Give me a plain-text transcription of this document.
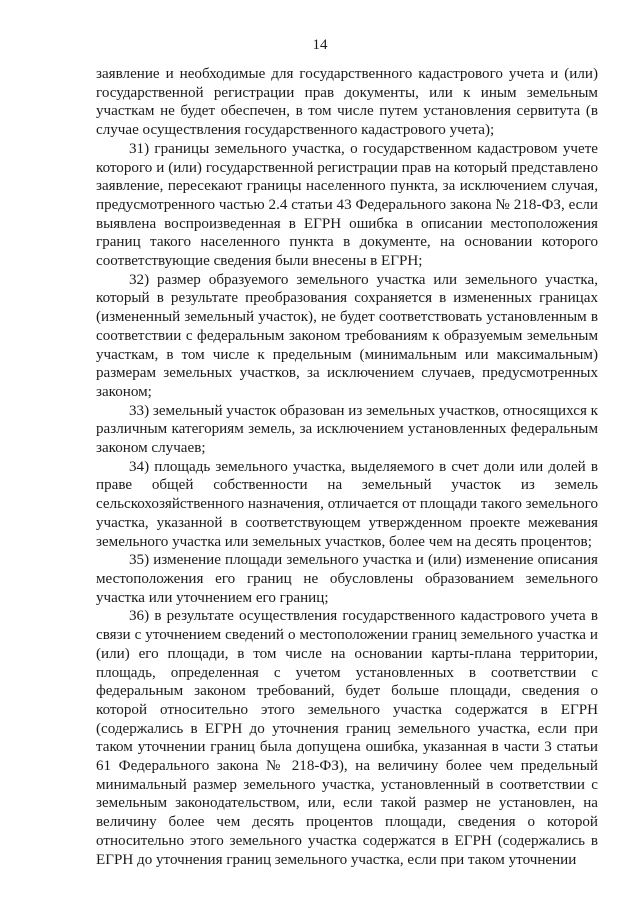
14

заявление и необходимые для государственного кадастрового учета и (или) государственной регистрации прав документы, или к иным земельным участкам не будет обеспечен, в том числе путем установления сервитута (в случае осуществления государственного кадастрового учета);

31) границы земельного участка, о государственном кадастровом учете которого и (или) государственной регистрации прав на который представлено заявление, пересекают границы населенного пункта, за исключением случая, предусмотренного частью 2.4 статьи 43 Федерального закона № 218-ФЗ, если выявлена воспроизведенная в ЕГРН ошибка в описании местоположения границ такого населенного пункта в документе, на основании которого соответствующие сведения были внесены в ЕГРН;

32) размер образуемого земельного участка или земельного участка, который в результате преобразования сохраняется в измененных границах (измененный земельный участок), не будет соответствовать установленным в соответствии с федеральным законом требованиям к образуемым земельным участкам, в том числе к предельным (минимальным или максимальным) размерам земельных участков, за исключением случаев, предусмотренных законом;

33) земельный участок образован из земельных участков, относящихся к различным категориям земель, за исключением установленных федеральным законом случаев;

34) площадь земельного участка, выделяемого в счет доли или долей в праве общей собственности на земельный участок из земель сельскохозяйственного назначения, отличается от площади такого земельного участка, указанной в соответствующем утвержденном проекте межевания земельного участка или земельных участков, более чем на десять процентов;

35) изменение площади земельного участка и (или) изменение описания местоположения его границ не обусловлены образованием земельного участка или уточнением его границ;

36) в результате осуществления государственного кадастрового учета в связи с уточнением сведений о местоположении границ земельного участка и (или) его площади, в том числе на основании карты-плана территории, площадь, определенная с учетом установленных в соответствии с федеральным законом требований, будет больше площади, сведения о которой относительно этого земельного участка содержатся в ЕГРН (содержались в ЕГРН до уточнения границ земельного участка, если при таком уточнении границ была допущена ошибка, указанная в части 3 статьи 61 Федерального закона № 218-ФЗ), на величину более чем предельный минимальный размер земельного участка, установленный в соответствии с земельным законодательством, или, если такой размер не установлен, на величину более чем десять процентов площади, сведения о которой относительно этого земельного участка содержатся в ЕГРН (содержались в ЕГРН до уточнения границ земельного участка, если при таком уточнении
